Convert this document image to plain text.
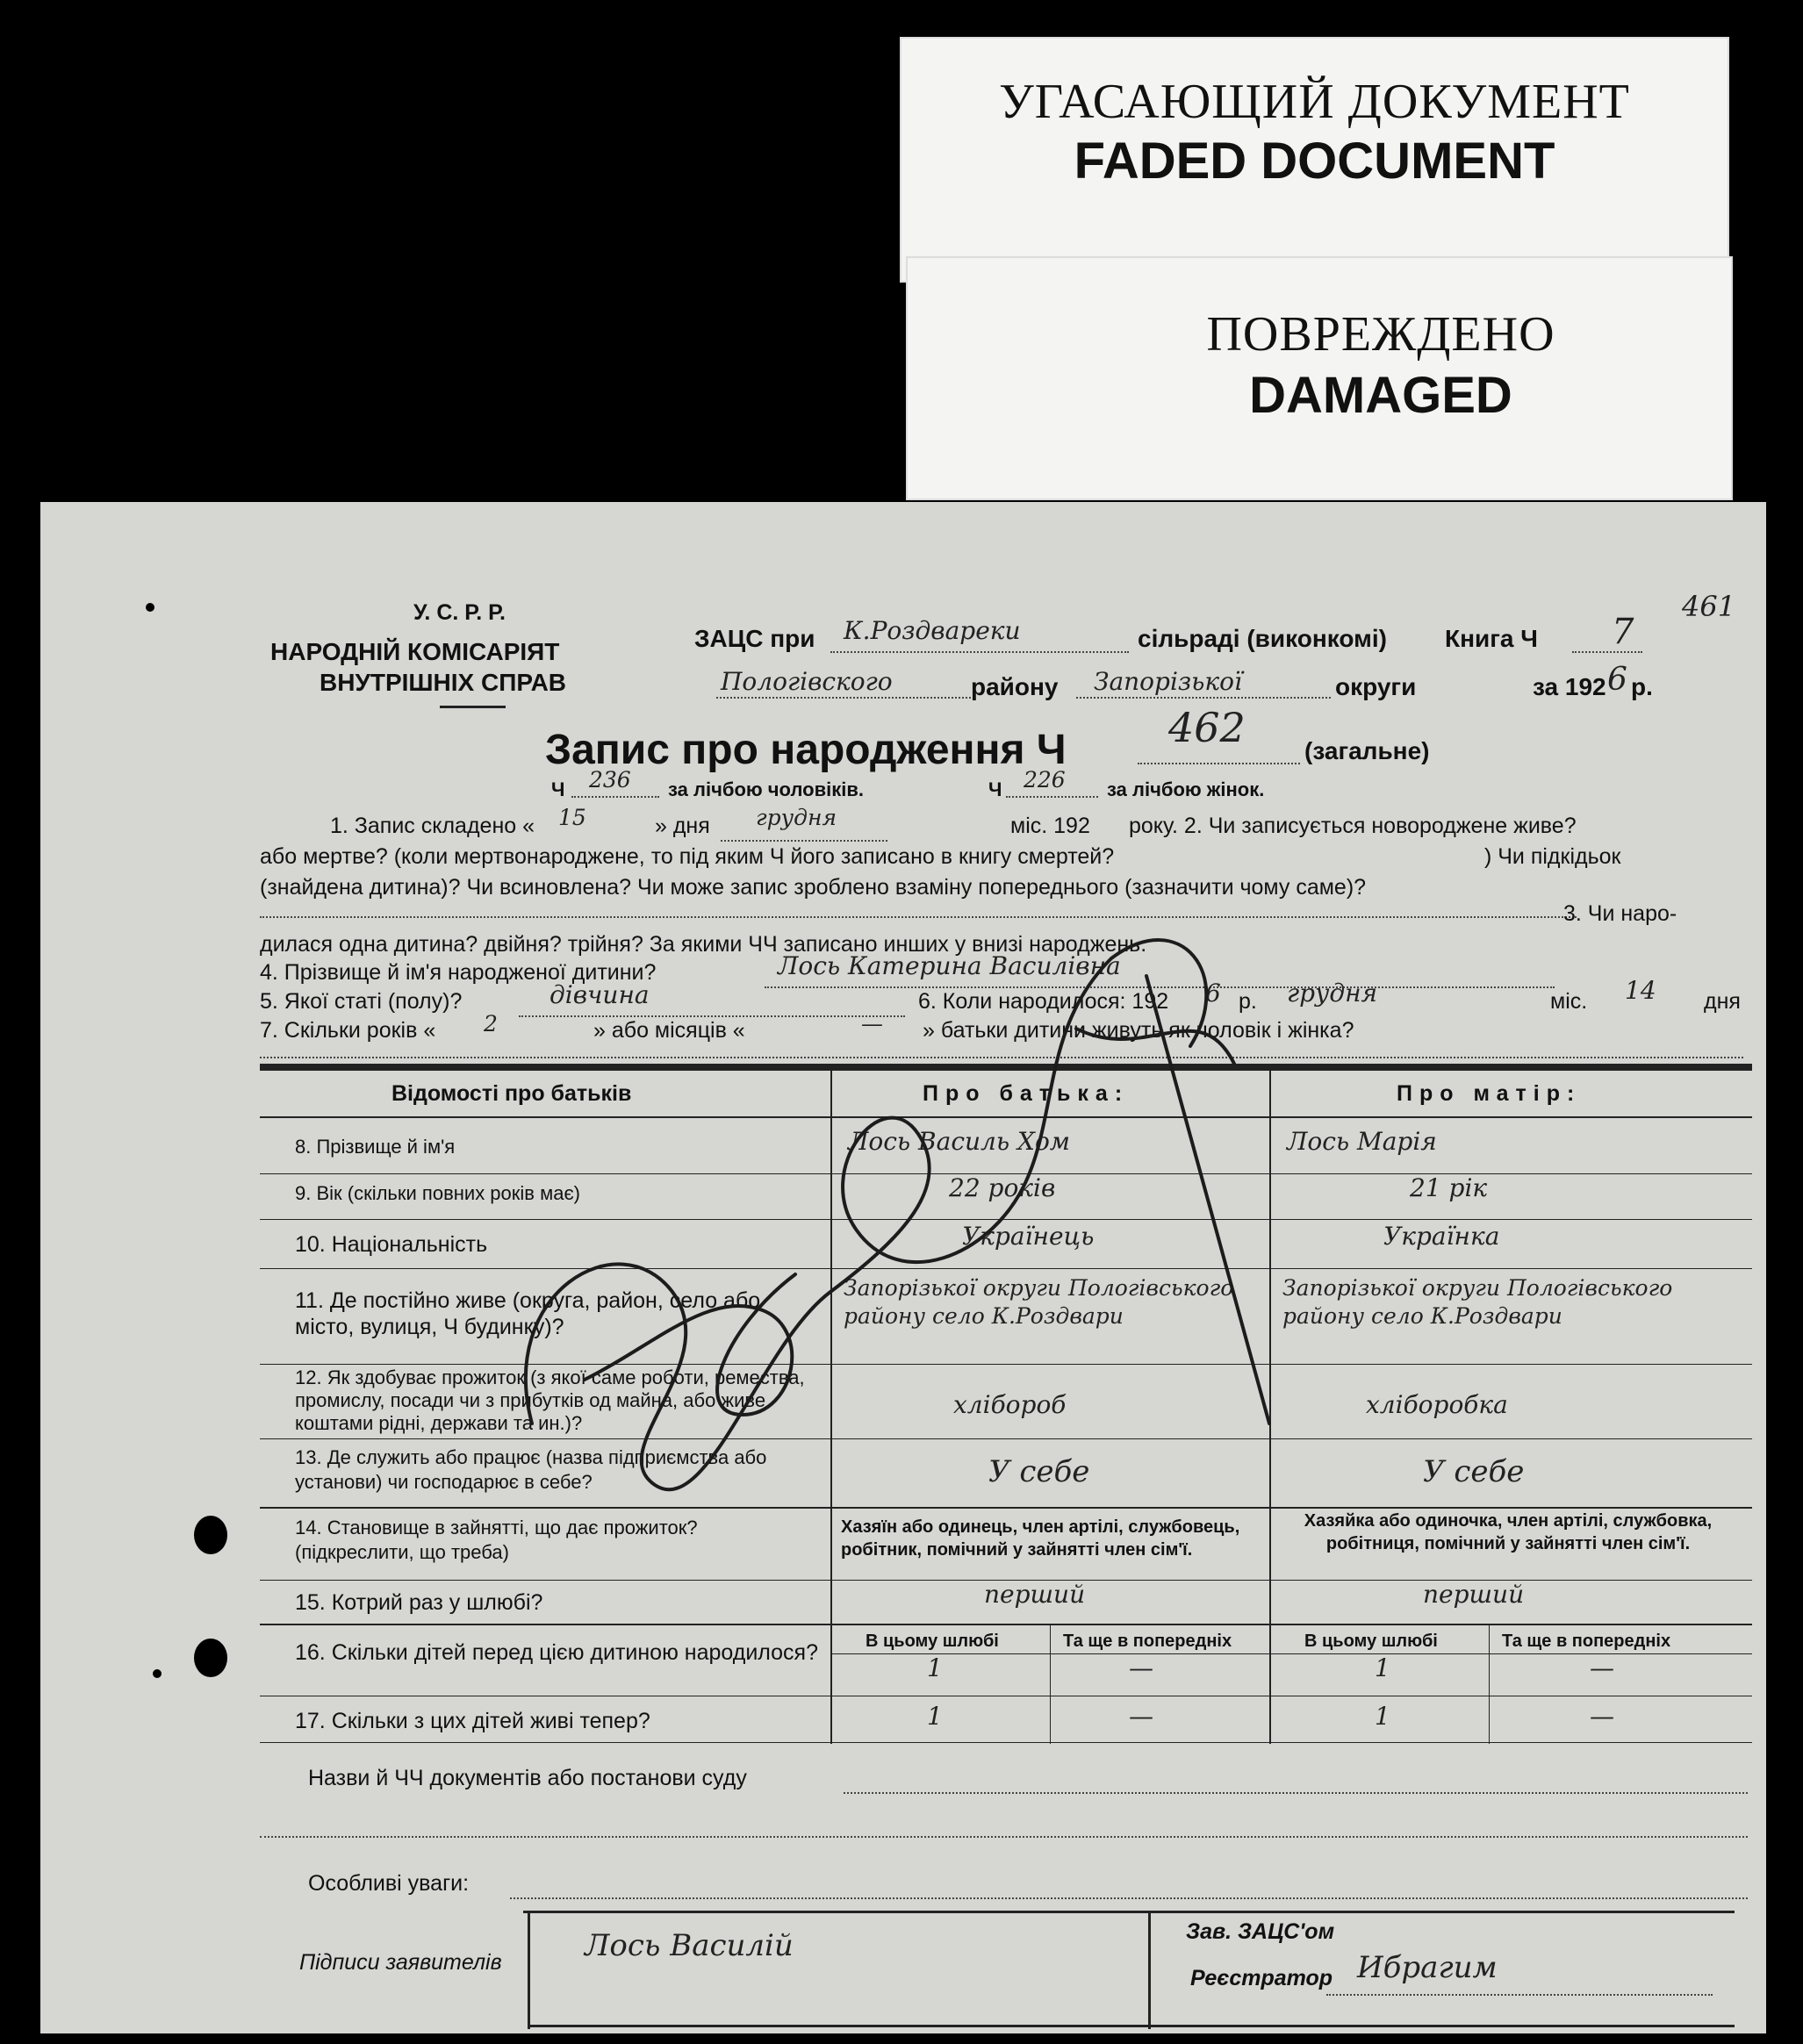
УГАСАЮЩИЙ ДОКУМЕНТ
FADED DOCUMENT
ПОВРЕЖДЕНО
DAMAGED
У. С. Р. Р.
НАРОДНІЙ КОМІСАРІЯТ
ВНУТРІШНІХ СПРАВ
ЗАЦС при К.Роздвареки	сільраді (виконкомі) Книга Ч 7
461
Пологівского	району Запорізької	округи	за 192 6 р.
Запис про народження Ч	462 (загальне)
Ч 236 за лічбою чоловіків.	Ч 226 за лічбою жінок.
1. Запис складено « 15	» дня грудня	міс. 192 року. 2. Чи записується новороджене живе?
або мертве? (коли мертвонароджене, то під яким Ч його записано в книгу смертей?	) Чи підкідьок
(знайдена дитина)? Чи всиновлена? Чи може запис зроблено взаміну попереднього (зазначити чому саме)?
3. Чи наро-
дилася одна дитина? двійня? трійня? За якими ЧЧ записано инших у внизі народжень.
4. Прізвище й ім'я народженої дитини?	Лось Катерина Василівна
5. Якої статі (полу)?	дівчина	6. Коли народилося: 192 6 р. грудня	міс. 14 дня
7. Скільки років « 2	» або місяців «	— » батьки дитини живуть як чоловік і жінка?
Відомості про батьків	Про батька:	Про матір:
8. Прізвище й ім'я	Лось Василь Хом	Лось Марія
9. Вік (скільки повних років має)	22 років	21 рік
10. Національність	Українець	Українка
11. Де постійно живе (округа, район, село або місто, вулиця, Ч будинку)?
Запорізької округи Пологівського району село К.Роздвари
Запорізької округи Пологівського району село К.Роздвари
12. Як здобуває прожиток (з якої саме роботи, ремества, промислу, посади чи з прибутків од майна, або живе коштами рідні, держави та ин.)?
хлібороб	хліборобка
13. Де служить або працює (назва підприємства або установи) чи господарює в себе?	У себе	У себе
14. Становище в зайнятті, що дає прожиток? (підкреслити, що треба)
Хазяїн або одинець, член артілі, службовець, робітник, помічний у зайнятті член сім'ї.
Хазяйка або одиночка, член артілі, службовка, робітниця, помічний у зайнятті член сім'ї.
15. Котрий раз у шлюбі?	перший	перший
16. Скільки дітей перед цією дитиною народилося?	В цьому шлюбі	Та ще в попередніх	В цьому шлюбі	Та ще в попередніх
1	—	1	—
17. Скільки з цих дітей живі тепер?	1	—	1	—
Назви й ЧЧ документів або постанови суду
Особливі уваги:
Підписи заявителів	Лось Василій	Зав. ЗАЦС'ом
Реєстратор Ибрагим
